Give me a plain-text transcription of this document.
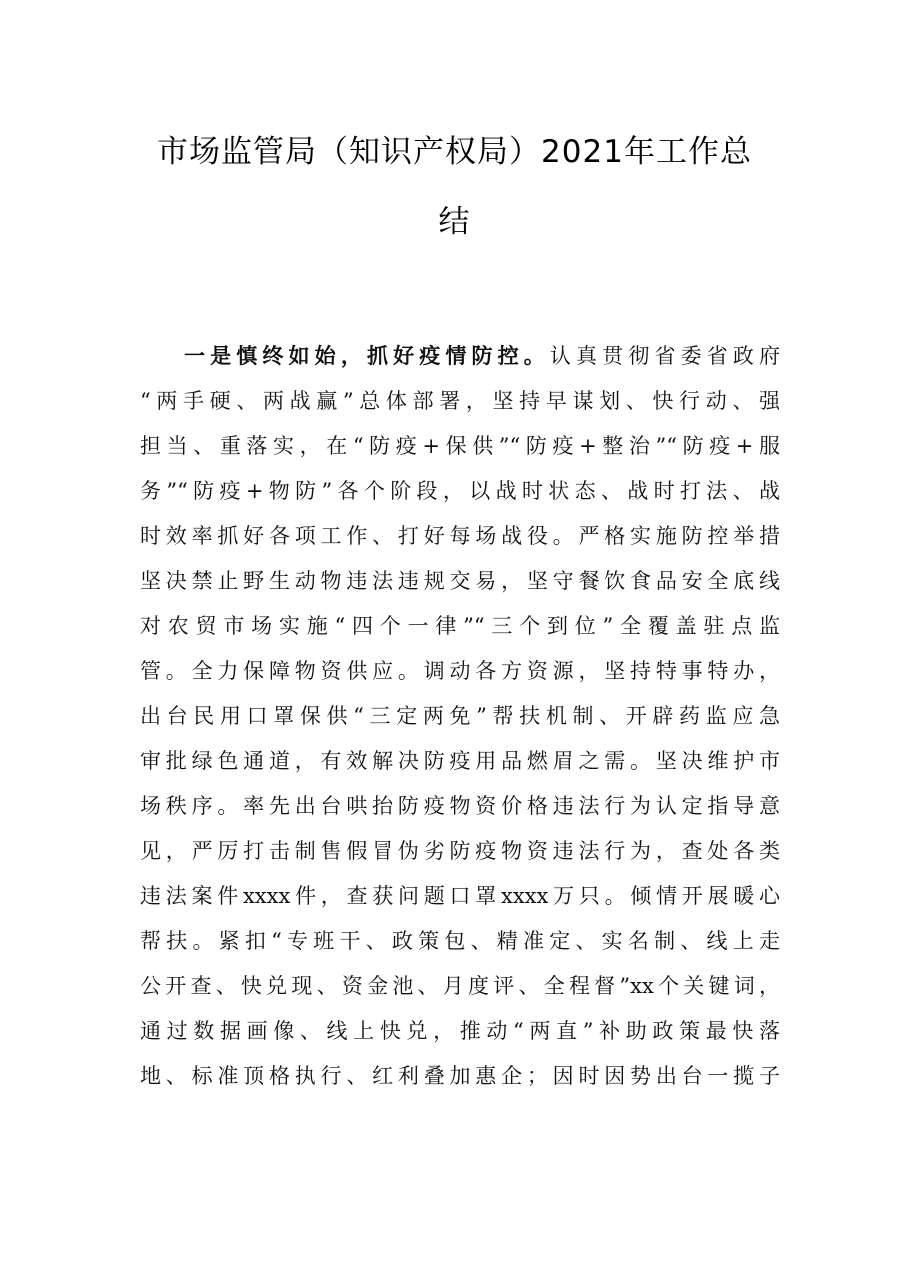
市场监管局（知识产权局）2021年工作总
结
一是慎终如始，抓好疫情防控。认真贯彻省委省政府
“两手硬、两战赢”总体部署，坚持早谋划、快行动、强
担当、重落实，在“防疫+保供”“防疫+整治”“防疫+服
务”“防疫+物防”各个阶段，以战时状态、战时打法、战
时效率抓好各项工作、打好每场战役。严格实施防控举措
坚决禁止野生动物违法违规交易，坚守餐饮食品安全底线
对农贸市场实施“四个一律”“三个到位”全覆盖驻点监
管。全力保障物资供应。调动各方资源，坚持特事特办，
出台民用口罩保供“三定两免”帮扶机制、开辟药监应急
审批绿色通道，有效解决防疫用品燃眉之需。坚决维护市
场秩序。率先出台哄抬防疫物资价格违法行为认定指导意
见，严厉打击制售假冒伪劣防疫物资违法行为，查处各类
违法案件xxxx件，查获问题口罩xxxx万只。倾情开展暖心
帮扶。紧扣“专班干、政策包、精准定、实名制、线上走
公开查、快兑现、资金池、月度评、全程督”xx个关键词，
通过数据画像、线上快兑，推动“两直”补助政策最快落
地、标准顶格执行、红利叠加惠企；因时因势出台一揽子
